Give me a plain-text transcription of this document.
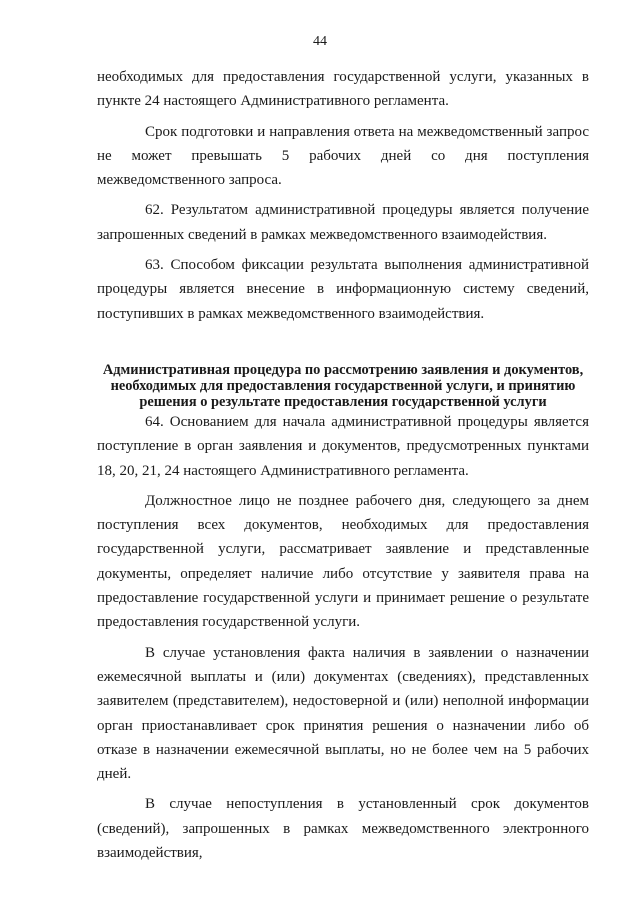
44

необходимых для предоставления государственной услуги, указанных в пункте 24 настоящего Административного регламента.

Срок подготовки и направления ответа на межведомственный запрос не может превышать 5 рабочих дней со дня поступления межведомственного запроса.

62. Результатом административной процедуры является получение запрошенных сведений в рамках межведомственного взаимодействия.

63. Способом фиксации результата выполнения административной процедуры является внесение в информационную систему сведений, поступивших в рамках межведомственного взаимодействия.

Административная процедура по рассмотрению заявления и документов, необходимых для предоставления государственной услуги, и принятию решения о результате предоставления государственной услуги

64. Основанием для начала административной процедуры является поступление в орган заявления и документов, предусмотренных пунктами 18, 20, 21, 24 настоящего Административного регламента.

Должностное лицо не позднее рабочего дня, следующего за днем поступления всех документов, необходимых для предоставления государственной услуги, рассматривает заявление и представленные документы, определяет наличие либо отсутствие у заявителя права на предоставление государственной услуги и принимает решение о результате предоставления государственной услуги.

В случае установления факта наличия в заявлении о назначении ежемесячной выплаты и (или) документах (сведениях), представленных заявителем (представителем), недостоверной и (или) неполной информации орган приостанавливает срок принятия решения о назначении либо об отказе в назначении ежемесячной выплаты, но не более чем на 5 рабочих дней.

В случае непоступления в установленный срок документов (сведений), запрошенных в рамках межведомственного электронного взаимодействия,
